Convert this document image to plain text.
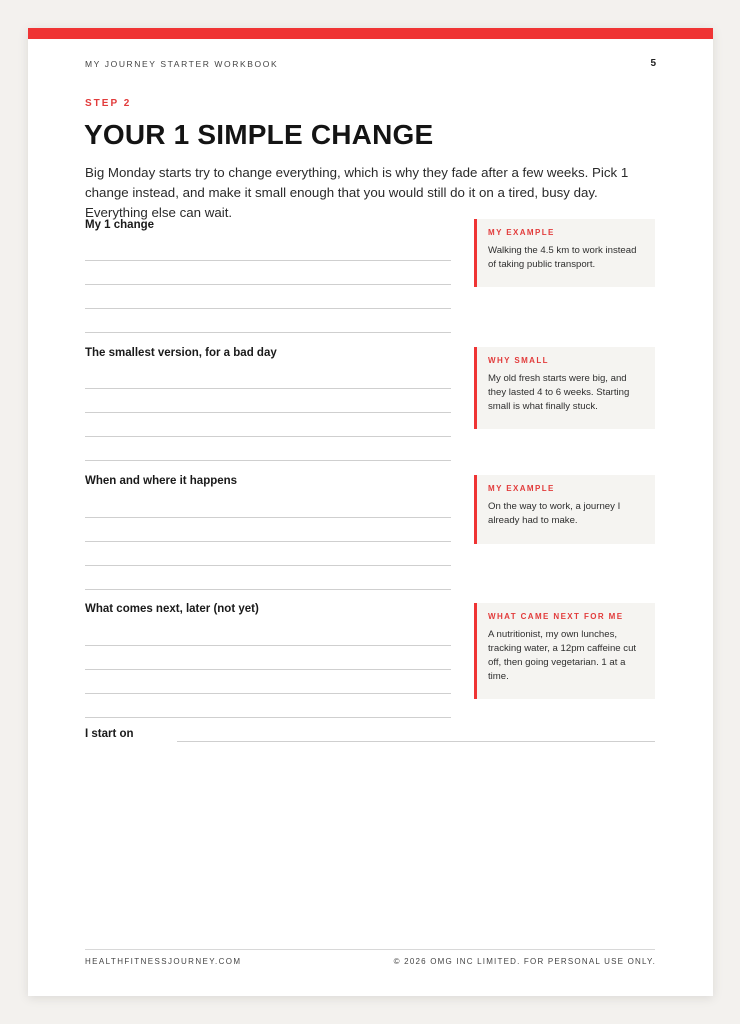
MY JOURNEY STARTER WORKBOOK	5
STEP 2
YOUR 1 SIMPLE CHANGE

Big Monday starts try to change everything, which is why they fade after a few weeks. Pick 1 change instead, and make it small enough that you would still do it on a tired, busy day. Everything else can wait.

My 1 change
MY EXAMPLE
Walking the 4.5 km to work instead of taking public transport.
The smallest version, for a bad day
WHY SMALL
My old fresh starts were big, and they lasted 4 to 6 weeks. Starting small is what finally stuck.
When and where it happens
MY EXAMPLE
On the way to work, a journey I already had to make.
What comes next, later (not yet)
WHAT CAME NEXT FOR ME
A nutritionist, my own lunches, tracking water, a 12pm caffeine cut off, then going vegetarian. 1 at a time.
I start on
HEALTHFITNESSJOURNEY.COM	© 2026 OMG INC LIMITED. FOR PERSONAL USE ONLY.
